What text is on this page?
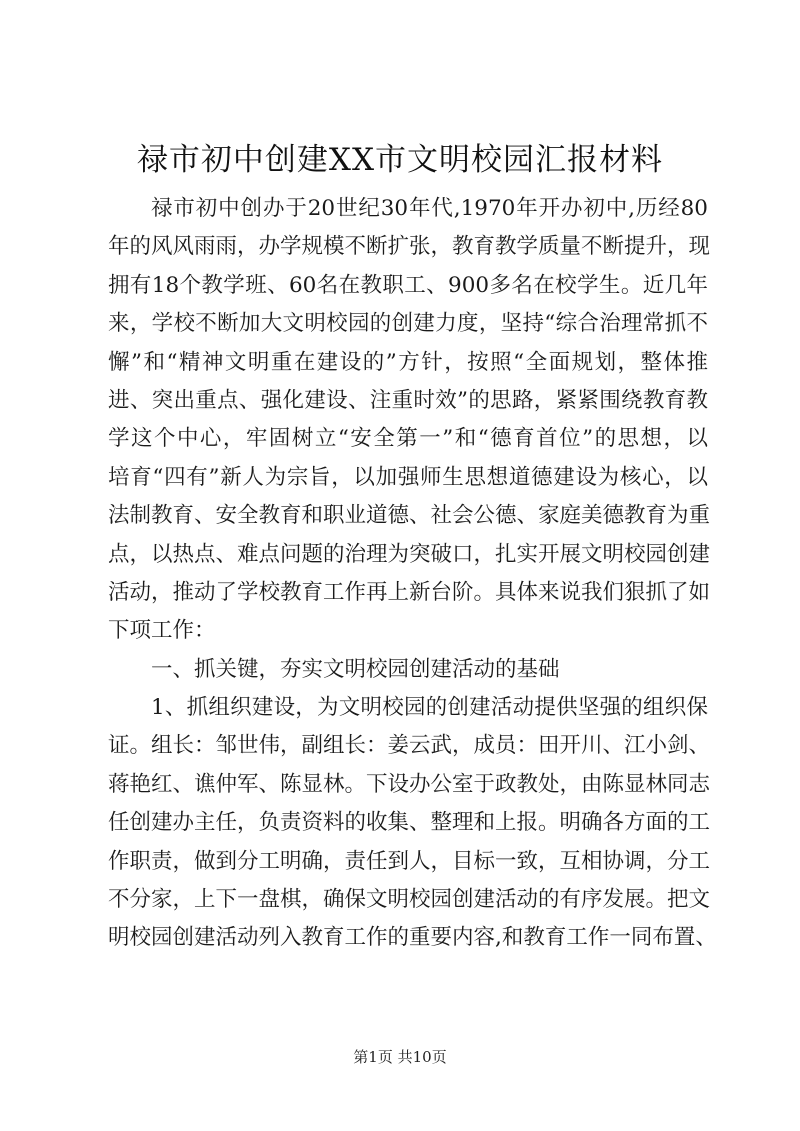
禄市初中创建XX市文明校园汇报材料
禄市初中创办于20世纪30年代,1970年开办初中,历经80
年的风风雨雨，办学规模不断扩张，教育教学质量不断提升，现
拥有18个教学班、60名在教职工、900多名在校学生。近几年
来，学校不断加大文明校园的创建力度，坚持“综合治理常抓不
懈”和“精神文明重在建设的”方针，按照“全面规划，整体推
进、突出重点、强化建设、注重时效”的思路，紧紧围绕教育教
学这个中心，牢固树立“安全第一”和“德育首位”的思想，以
培育“四有”新人为宗旨，以加强师生思想道德建设为核心，以
法制教育、安全教育和职业道德、社会公德、家庭美德教育为重
点，以热点、难点问题的治理为突破口，扎实开展文明校园创建
活动，推动了学校教育工作再上新台阶。具体来说我们狠抓了如
下项工作：
一、抓关键，夯实文明校园创建活动的基础
1、抓组织建设，为文明校园的创建活动提供坚强的组织保
证。组长：邹世伟，副组长：姜云武，成员：田开川、江小剑、
蒋艳红、谯仲军、陈显林。下设办公室于政教处，由陈显林同志
任创建办主任，负责资料的收集、整理和上报。明确各方面的工
作职责，做到分工明确，责任到人，目标一致，互相协调，分工
不分家，上下一盘棋，确保文明校园创建活动的有序发展。把文
明校园创建活动列入教育工作的重要内容,和教育工作一同布置、
第1页 共10页
